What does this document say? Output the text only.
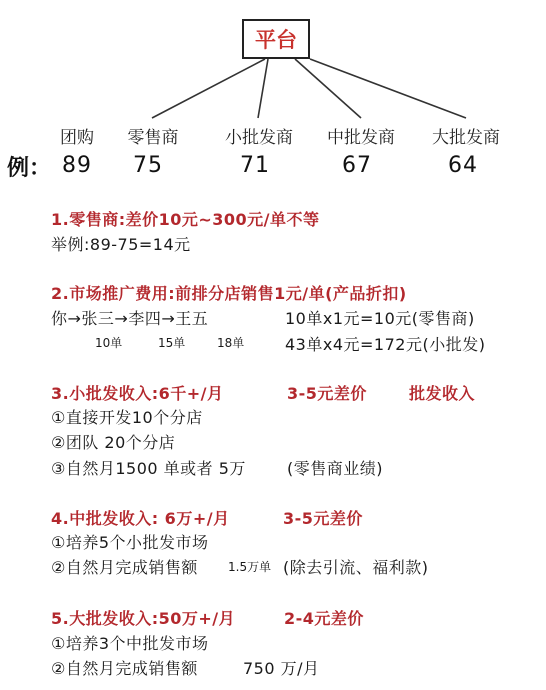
平台
团购 零售商	小批发商 中批发商 大批发商
例： 89 75	71	67	64
1.零售商:差价10元~300元/单不等
举例:89-75=14元
2.市场推广费用:前排分店销售1元/单(产品折扣)
你→张三→李四→王五	10单x1元=10元(零售商)
10单	15单	18单	43单x4元=172元(小批发)
3.小批发收入:6千+/月	3-5元差价	批发收入
①直接开发10个分店
②团队 20个分店
③自然月1500 单或者 5万	(零售商业绩)
4.中批发收入: 6万+/月	3-5元差价
①培养5个小批发市场
②自然月完成销售额	1.5万单 (除去引流、福利款)
5.大批发收入:50万+/月	2-4元差价
①培养3个中批发市场
②自然月完成销售额	750 万/月
